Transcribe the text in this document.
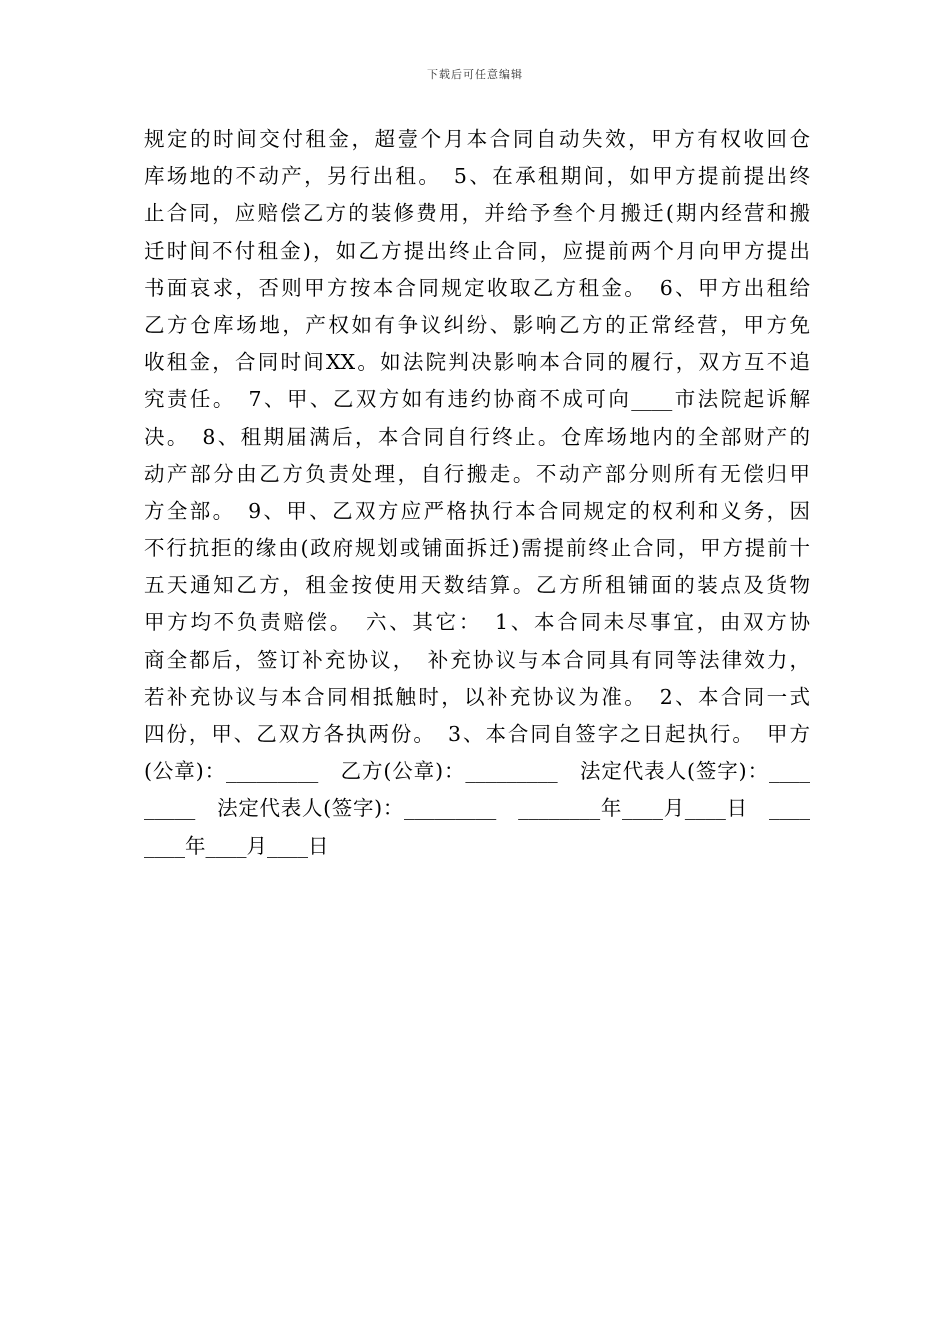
下载后可任意编辑
规定的时间交付租金，超壹个月本合同自动失效，甲方有权收回仓
库场地的不动产，另行出租。　5、在承租期间，如甲方提前提出终
止合同，应赔偿乙方的装修费用，并给予叁个月搬迁(期内经营和搬
迁时间不付租金)，如乙方提出终止合同，应提前两个月向甲方提出
书面哀求，否则甲方按本合同规定收取乙方租金。　6、甲方出租给
乙方仓库场地，产权如有争议纠纷、影响乙方的正常经营，甲方免
收租金，合同时间XX。如法院判决影响本合同的履行，双方互不追
究责任。　7、甲、乙双方如有违约协商不成可向____市法院起诉解
决。　8、租期届满后，本合同自行终止。仓库场地内的全部财产的
动产部分由乙方负责处理，自行搬走。不动产部分则所有无偿归甲
方全部。　9、甲、乙双方应严格执行本合同规定的权利和义务，因
不行抗拒的缘由(政府规划或铺面拆迁)需提前终止合同，甲方提前十
五天通知乙方，租金按使用天数结算。乙方所租铺面的装点及货物
甲方均不负责赔偿。　六、其它：　1、本合同未尽事宜，由双方协
商全都后，签订补充协议，　补充协议与本合同具有同等法律效力，
若补充协议与本合同相抵触时，以补充协议为准。　2、本合同一式
四份，甲、乙双方各执两份。　3、本合同自签字之日起执行。　甲方
(公章)：_________　乙方(公章)：_________　法定代表人(签字)：____
_____　法定代表人(签字)：_________　________年____月____日　____
____年____月____日
